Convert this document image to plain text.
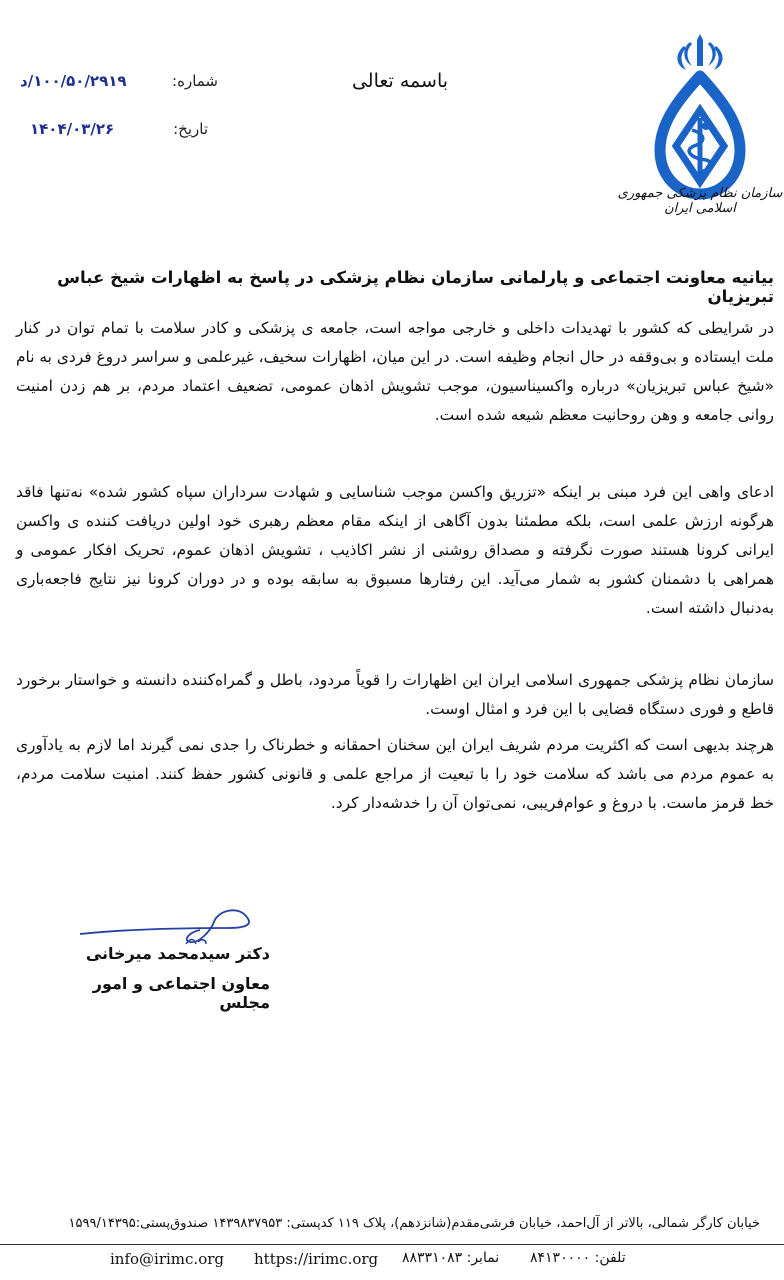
سازمان نظام پزشکی جمهوری اسلامی ایران
باسمه تعالی
شماره:
۱۰۰/۵۰/۲۹۱۹/د
تاریخ:
۱۴۰۴/۰۳/۲۶
بیانیه معاونت اجتماعی و پارلمانی سازمان نظام پزشکی در پاسخ به اظهارات شیخ عباس تبریزیان
در شرایطی که کشور با تهدیدات داخلی و خارجی مواجه است، جامعه ی پزشکی و کادر سلامت با تمام توان در کنار ملت ایستاده و بی‌وقفه در حال انجام وظیفه است. در این میان، اظهارات سخیف، غیرعلمی و سراسر دروغ فردی به نام «شیخ عباس تبریزیان» درباره واکسیناسیون، موجب تشویش اذهان عمومی، تضعیف اعتماد مردم، بر هم زدن امنیت روانی جامعه و وهن روحانیت معظم شیعه شده است.
ادعای واهی این فرد مبنی بر اینکه «تزریق واکسن موجب شناسایی و شهادت سرداران سپاه کشور شده» نه‌تنها فاقد هرگونه ارزش علمی است، بلکه مطمئنا بدون آگاهی از اینکه مقام معظم رهبری خود اولین دریافت کننده ی واکسن ایرانی کرونا هستند صورت نگرفته و مصداق روشنی از نشر اکاذیب ، تشویش اذهان عموم، تحریک افکار عمومی و همراهی با دشمنان کشور به شمار می‌آید. این رفتارها مسبوق به سابقه بوده و در دوران کرونا نیز نتایج فاجعه‌باری به‌دنبال داشته است.
سازمان نظام پزشکی جمهوری اسلامی ایران این اظهارات را قویاً مردود، باطل و گمراه‌کننده دانسته و خواستار برخورد قاطع و فوری دستگاه قضایی با این فرد و امثال اوست.
هرچند بدیهی است که اکثریت مردم شریف ایران این سخنان احمقانه و خطرناک را جدی نمی گیرند اما لازم به یادآوری به عموم مردم می باشد که سلامت خود را با تبعیت از مراجع علمی و قانونی کشور حفظ کنند. امنیت سلامت مردم، خط قرمز ماست. با دروغ و عوام‌فریبی، نمی‌توان آن را خدشه‌دار کرد.
دکتر سیدمحمد میرخانی
معاون اجتماعی و امور مجلس
خیابان کارگر شمالی، بالاتر از آل‌احمد، خیابان فرشی‌مقدم(شانزدهم)، پلاک ۱۱۹ کدپستی: ۱۴۳۹۸۳۷۹۵۳ صندوق‌پستی:۱۵۹۹/۱۴۳۹۵
info@irimc.org https://irimc.org نمابر: ۸۸۳۳۱۰۸۳ تلفن: ۸۴۱۳۰۰۰۰
